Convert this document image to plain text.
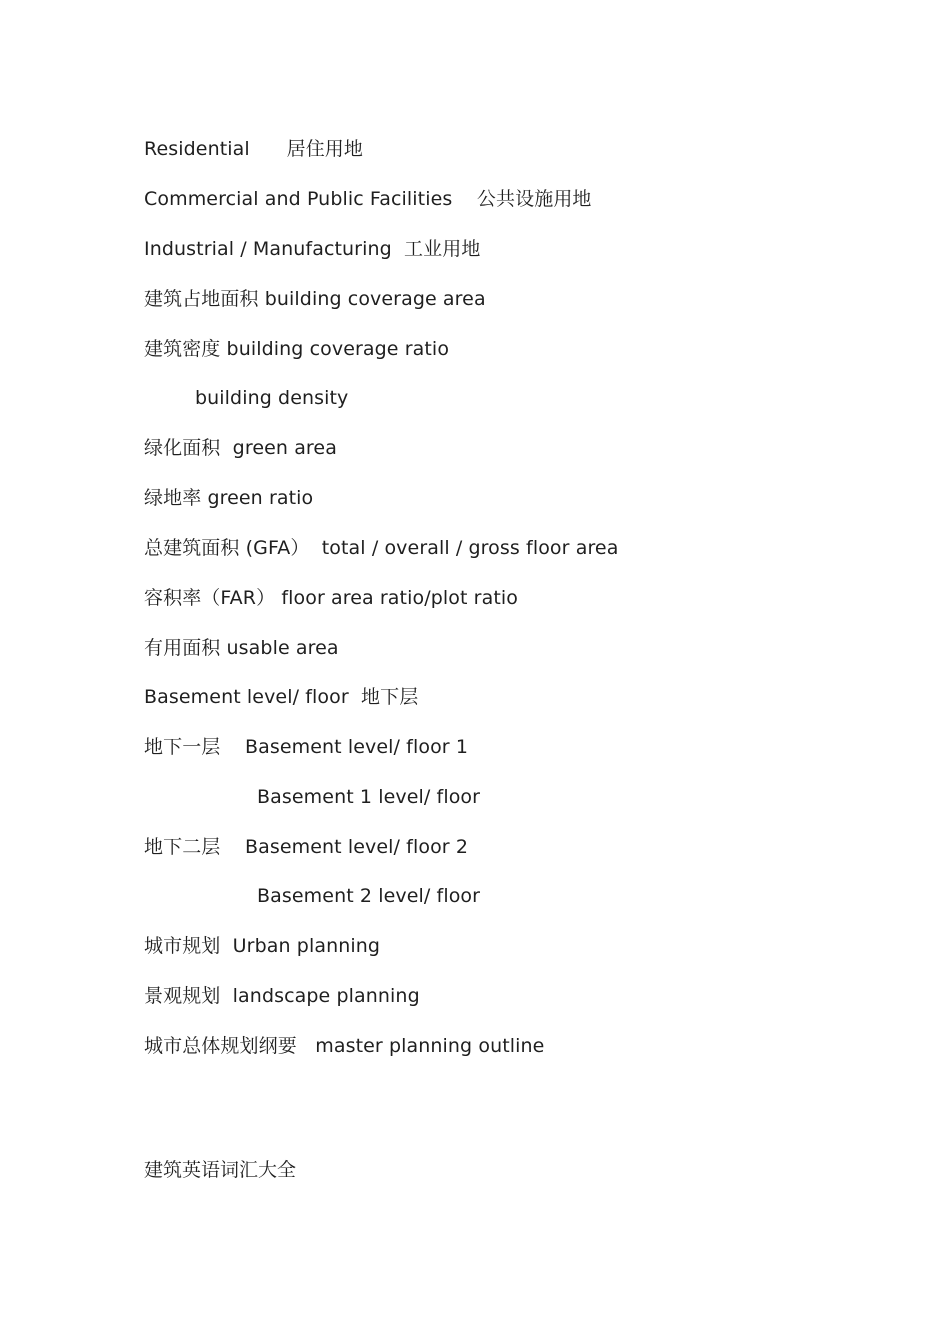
Residential      居住用地
Commercial and Public Facilities    公共设施用地
Industrial / Manufacturing  工业用地
建筑占地面积 building coverage area
建筑密度 building coverage ratio
building density
绿化面积  green area
绿地率 green ratio
总建筑面积 (GFA）  total / overall / gross floor area
容积率（FAR） floor area ratio/plot ratio
有用面积 usable area
Basement level/ floor  地下层
地下一层    Basement level/ floor 1
Basement 1 level/ floor
地下二层    Basement level/ floor 2
Basement 2 level/ floor
城市规划  Urban planning
景观规划  landscape planning
城市总体规划纲要   master planning outline
建筑英语词汇大全
